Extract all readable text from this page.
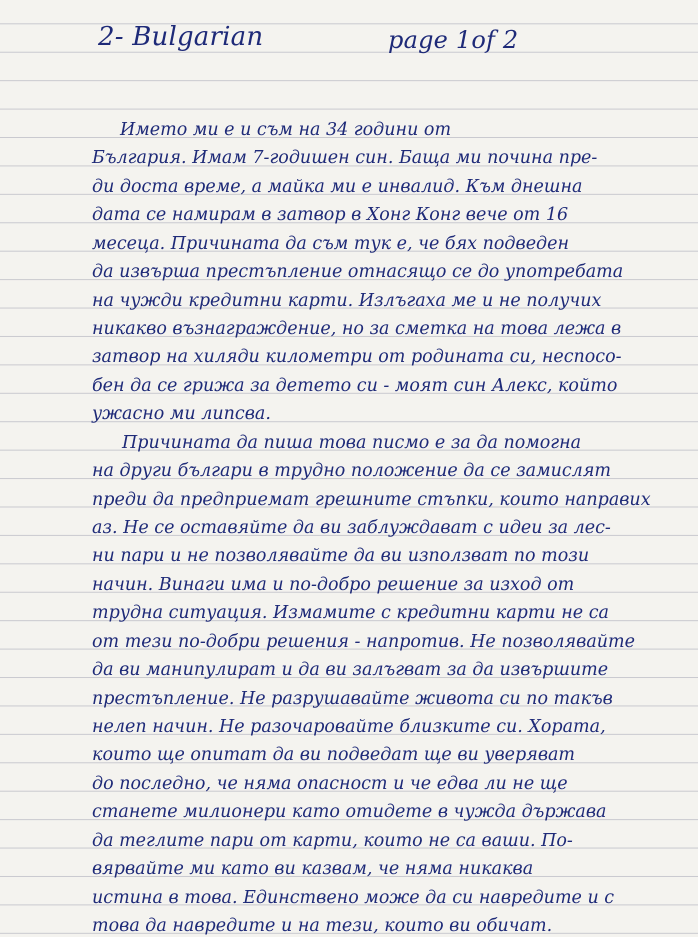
2- Bulgarian	page 1of 2
Името ми е и съм на 34 години от
България. Имам 7-годишен син. Баща ми почина пре-
ди доста време, а майка ми е инвалид. Към днешна
дата се намирам в затвор в Хонг Конг вече от 16
месеца. Причината да съм тук е, че бях подведен
да извърша престъпление отнасящо се до употребата
на чужди кредитни карти. Излъгаха ме и не получих
никакво възнаграждение, но за сметка на това лежа в
затвор на хиляди километри от родината си, неспосо-
бен да се грижа за детето си - моят син Алекс, който
ужасно ми липсва.
Причината да пиша това писмо е за да помогна
на други българи в трудно положение да се замислят
преди да предприемат грешните стъпки, които направих
аз. Не се оставяйте да ви заблуждават с идеи за лес-
ни пари и не позволявайте да ви използват по този
начин. Винаги има и по-добро решение за изход от
трудна ситуация. Измамите с кредитни карти не са
от тези по-добри решения - напротив. Не позволявайте
да ви манипулират и да ви залъгват за да извършите
престъпление. Не разрушавайте живота си по такъв
нелеп начин. Не разочаровайте близките си. Хората,
които ще опитат да ви подведат ще ви уверяват
до последно, че няма опасност и че едва ли не ще
станете милионери като отидете в чужда държава
да теглите пари от карти, които не са ваши. По-
вярвайте ми като ви казвам, че няма никаква
истина в това. Единствено може да си навредите и с
това да навредите и на тези, които ви обичат.
